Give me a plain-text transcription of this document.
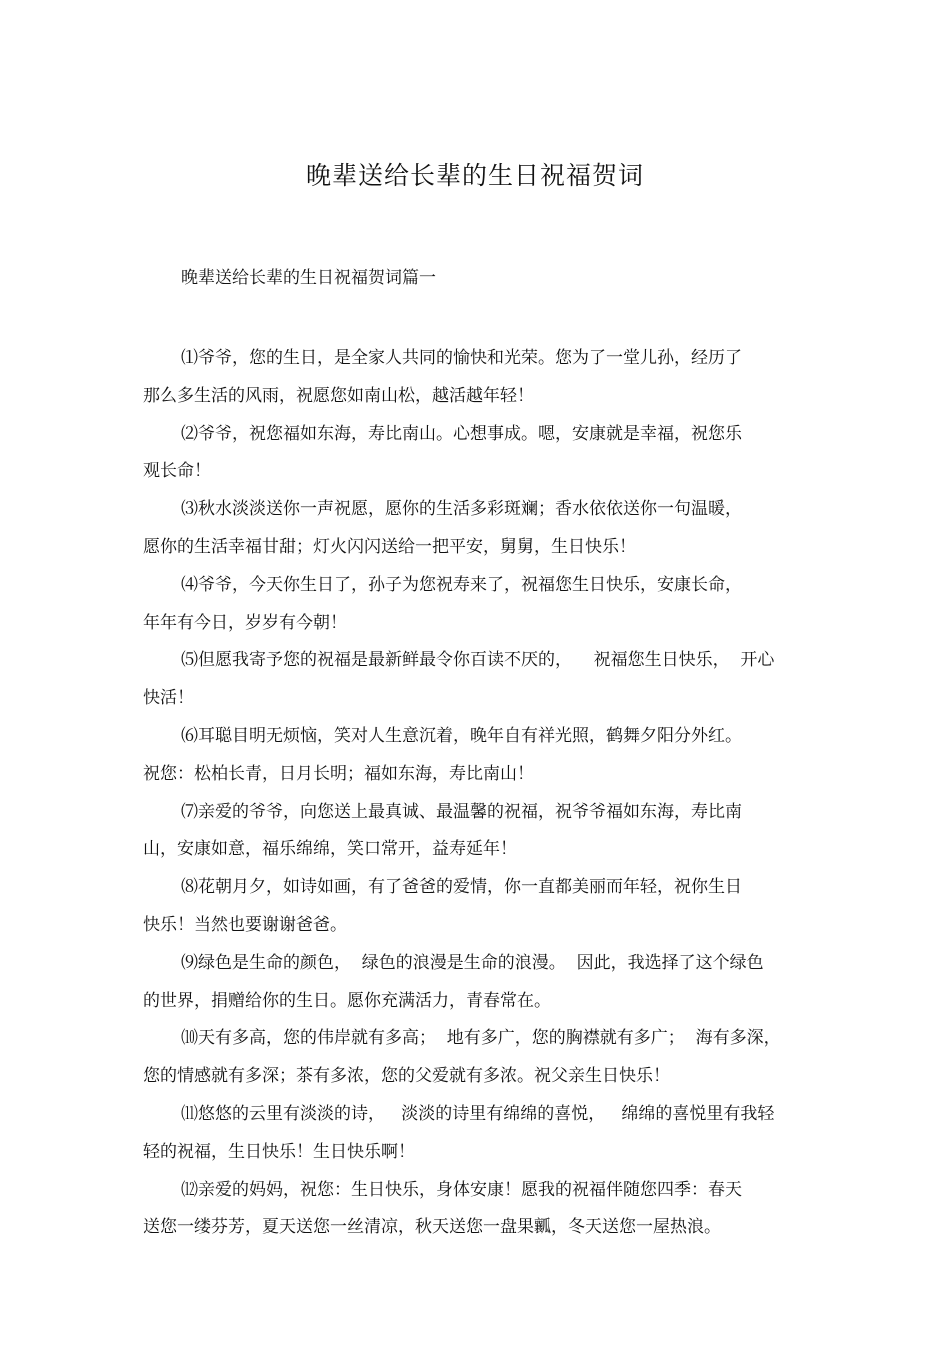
晚辈送给长辈的生日祝福贺词
晚辈送给长辈的生日祝福贺词篇一

⑴爷爷，您的生日，是全家人共同的愉快和光荣。您为了一堂儿孙，经历了
那么多生活的风雨，祝愿您如南山松，越活越年轻！

⑵爷爷，祝您福如东海，寿比南山。心想事成。嗯，安康就是幸福，祝您乐
观长命！

⑶秋水淡淡送你一声祝愿，愿你的生活多彩斑斓；香水依依送你一句温暖，
愿你的生活幸福甘甜；灯火闪闪送给一把平安，舅舅，生日快乐！

⑷爷爷，今天你生日了，孙子为您祝寿来了，祝福您生日快乐，安康长命，
年年有今日，岁岁有今朝！

⑸但愿我寄予您的祝福是最新鲜最令你百读不厌的，    祝福您生日快乐，  开心
快活！

⑹耳聪目明无烦恼，笑对人生意沉着，晚年自有祥光照，鹤舞夕阳分外红。
祝您：松柏长青，日月长明；福如东海，寿比南山！

⑺亲爱的爷爷，向您送上最真诚、最温馨的祝福，祝爷爷福如东海，寿比南
山，安康如意，福乐绵绵，笑口常开，益寿延年！

⑻花朝月夕，如诗如画，有了爸爸的爱情，你一直都美丽而年轻，祝你生日
快乐！当然也要谢谢爸爸。

⑼绿色是生命的颜色，  绿色的浪漫是生命的浪漫。  因此，我选择了这个绿色
的世界，捐赠给你的生日。愿你充满活力，青春常在。

⑽天有多高，您的伟岸就有多高；  地有多广，您的胸襟就有多广；  海有多深，
您的情感就有多深；茶有多浓，您的父爱就有多浓。祝父亲生日快乐！

⑾悠悠的云里有淡淡的诗，   淡淡的诗里有绵绵的喜悦，   绵绵的喜悦里有我轻
轻的祝福，生日快乐！生日快乐啊！

⑿亲爱的妈妈，祝您：生日快乐，身体安康！愿我的祝福伴随您四季：春天
送您一缕芬芳，夏天送您一丝清凉，秋天送您一盘果瓤，冬天送您一屋热浪。
